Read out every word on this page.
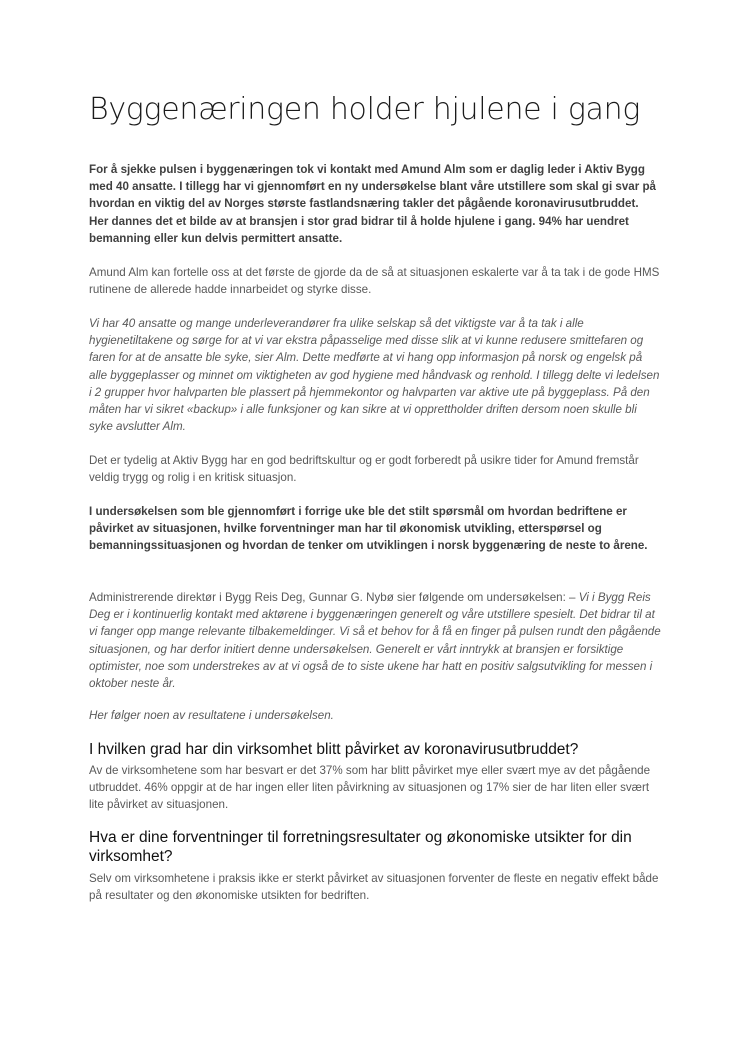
Byggenæringen holder hjulene i gang

For å sjekke pulsen i byggenæringen tok vi kontakt med Amund Alm som er daglig leder i Aktiv Bygg med 40 ansatte. I tillegg har vi gjennomført en ny undersøkelse blant våre utstillere som skal gi svar på hvordan en viktig del av Norges største fastlandsnæring takler det pågående koronavirusutbruddet. Her dannes det et bilde av at bransjen i stor grad bidrar til å holde hjulene i gang. 94% har uendret bemanning eller kun delvis permittert ansatte.

Amund Alm kan fortelle oss at det første de gjorde da de så at situasjonen eskalerte var å ta tak i de gode HMS rutinene de allerede hadde innarbeidet og styrke disse.

Vi har 40 ansatte og mange underleverandører fra ulike selskap så det viktigste var å ta tak i alle hygienetiltakene og sørge for at vi var ekstra påpasselige med disse slik at vi kunne redusere smittefaren og faren for at de ansatte ble syke, sier Alm. Dette medførte at vi hang opp informasjon på norsk og engelsk på alle byggeplasser og minnet om viktigheten av god hygiene med håndvask og renhold. I tillegg delte vi ledelsen i 2 grupper hvor halvparten ble plassert på hjemmekontor og halvparten var aktive ute på byggeplass. På den måten har vi sikret «backup» i alle funksjoner og kan sikre at vi opprettholder driften dersom noen skulle bli syke avslutter Alm.

Det er tydelig at Aktiv Bygg har en god bedriftskultur og er godt forberedt på usikre tider for Amund fremstår veldig trygg og rolig i en kritisk situasjon.

I undersøkelsen som ble gjennomført i forrige uke ble det stilt spørsmål om hvordan bedriftene er påvirket av situasjonen, hvilke forventninger man har til økonomisk utvikling, etterspørsel og bemanningssituasjonen og hvordan de tenker om utviklingen i norsk byggenæring de neste to årene.

Administrerende direktør i Bygg Reis Deg, Gunnar G. Nybø sier følgende om undersøkelsen: – Vi i Bygg Reis Deg er i kontinuerlig kontakt med aktørene i byggenæringen generelt og våre utstillere spesielt. Det bidrar til at vi fanger opp mange relevante tilbakemeldinger. Vi så et behov for å få en finger på pulsen rundt den pågående situasjonen, og har derfor initiert denne undersøkelsen. Generelt er vårt inntrykk at bransjen er forsiktige optimister, noe som understrekes av at vi også de to siste ukene har hatt en positiv salgsutvikling for messen i oktober neste år.

Her følger noen av resultatene i undersøkelsen.

I hvilken grad har din virksomhet blitt påvirket av koronavirusutbruddet?

Av de virksomhetene som har besvart er det 37% som har blitt påvirket mye eller svært mye av det pågående utbruddet. 46% oppgir at de har ingen eller liten påvirkning av situasjonen og 17% sier de har liten eller svært lite påvirket av situasjonen.

Hva er dine forventninger til forretningsresultater og økonomiske utsikter for din virksomhet?

Selv om virksomhetene i praksis ikke er sterkt påvirket av situasjonen forventer de fleste en negativ effekt både på resultater og den økonomiske utsikten for bedriften.
